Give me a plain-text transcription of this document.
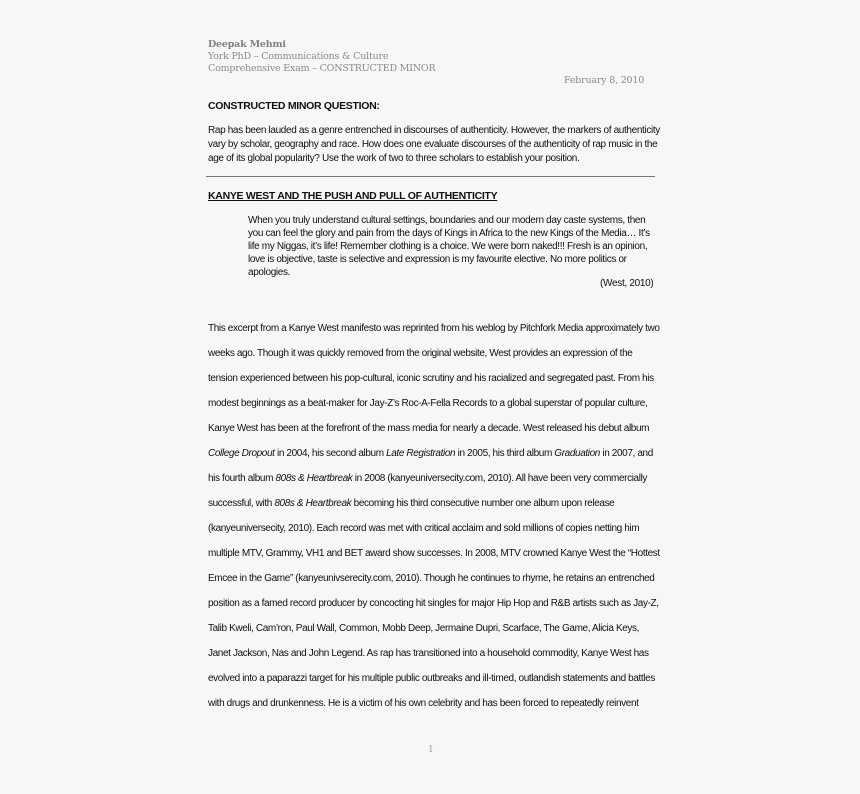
Deepak Mehmi
York PhD – Communications & Culture
Comprehensive Exam – CONSTRUCTED MINOR
February 8, 2010
CONSTRUCTED MINOR QUESTION:
Rap has been lauded as a genre entrenched in discourses of authenticity. However, the markers of authenticity
vary by scholar, geography and race. How does one evaluate discourses of the authenticity of rap music in the
age of its global popularity? Use the work of two to three scholars to establish your position.
KANYE WEST AND THE PUSH AND PULL OF AUTHENTICITY
When you truly understand cultural settings, boundaries and our modern day caste systems, then
you can feel the glory and pain from the days of Kings in Africa to the new Kings of the Media… It’s
life my Niggas, it’s life! Remember clothing is a choice. We were born naked!!! Fresh is an opinion,
love is objective, taste is selective and expression is my favourite elective. No more politics or
apologies.
(West, 2010)
This excerpt from a Kanye West manifesto was reprinted from his weblog by Pitchfork Media approximately two
weeks ago. Though it was quickly removed from the original website, West provides an expression of the
tension experienced between his pop-cultural, iconic scrutiny and his racialized and segregated past. From his
modest beginnings as a beat-maker for Jay-Z’s Roc-A-Fella Records to a global superstar of popular culture,
Kanye West has been at the forefront of the mass media for nearly a decade. West released his debut album
College Dropout in 2004, his second album Late Registration in 2005, his third album Graduation in 2007, and
his fourth album 808s & Heartbreak in 2008 (kanyeuniversecity.com, 2010). All have been very commercially
successful, with 808s & Heartbreak becoming his third consecutive number one album upon release
(kanyeuniversecity, 2010). Each record was met with critical acclaim and sold millions of copies netting him
multiple MTV, Grammy, VH1 and BET award show successes. In 2008, MTV crowned Kanye West the “Hottest
Emcee in the Game” (kanyeunivserecity.com, 2010). Though he continues to rhyme, he retains an entrenched
position as a famed record producer by concocting hit singles for major Hip Hop and R&B artists such as Jay-Z,
Talib Kweli, Cam’ron, Paul Wall, Common, Mobb Deep, Jermaine Dupri, Scarface, The Game, Alicia Keys,
Janet Jackson, Nas and John Legend. As rap has transitioned into a household commodity, Kanye West has
evolved into a paparazzi target for his multiple public outbreaks and ill-timed, outlandish statements and battles
with drugs and drunkenness. He is a victim of his own celebrity and has been forced to repeatedly reinvent
1
